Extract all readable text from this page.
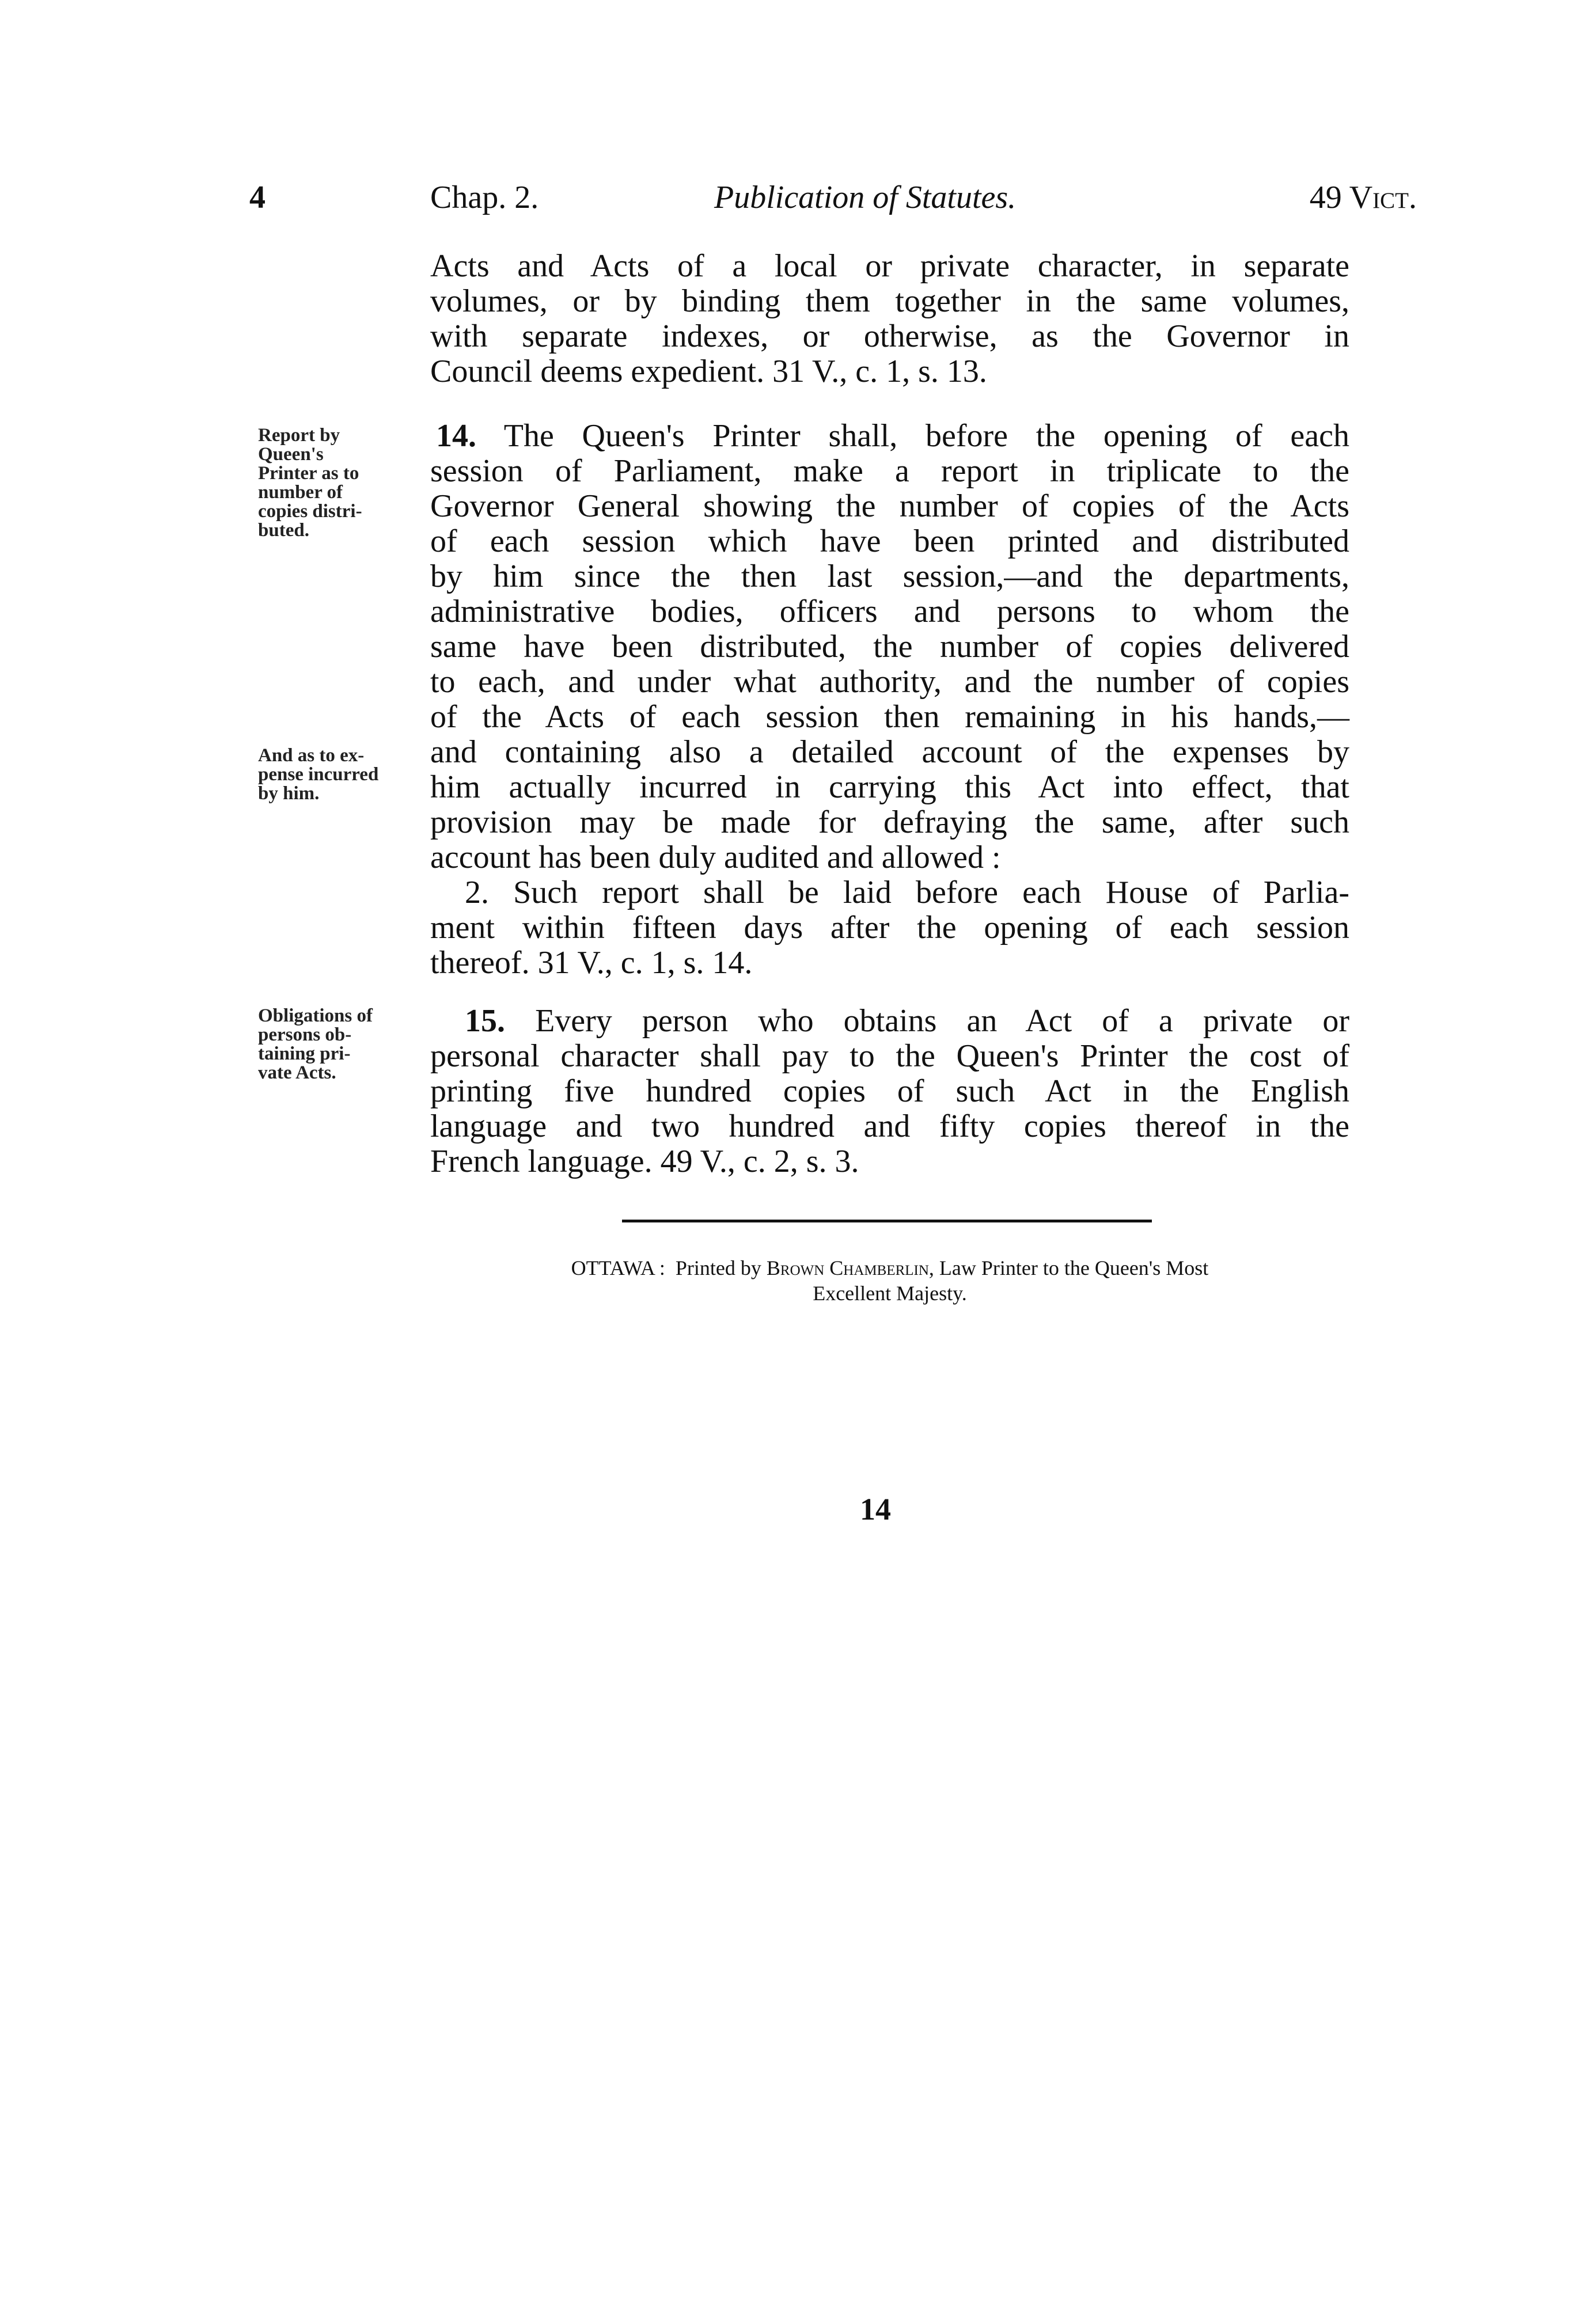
4	Chap. 2.	Publication of Statutes.	49 Vict.
Acts and Acts of a local or private character, in separate
volumes, or by binding them together in the same volumes,
with separate indexes, or otherwise, as the Governor in
Council deems expedient. 31 V., c. 1, s. 13.
14. The Queen's Printer shall, before the opening of each
session of Parliament, make a report in triplicate to the
Governor General showing the number of copies of the Acts
of each session which have been printed and distributed
by him since the then last session,—and the departments,
administrative bodies, officers and persons to whom the
same have been distributed, the number of copies delivered
to each, and under what authority, and the number of copies
of the Acts of each session then remaining in his hands,—
and containing also a detailed account of the expenses by
him actually incurred in carrying this Act into effect, that
provision may be made for defraying the same, after such
account has been duly audited and allowed :
2. Such report shall be laid before each House of Parlia-
ment within fifteen days after the opening of each session
thereof. 31 V., c. 1, s. 14.
15. Every person who obtains an Act of a private or
personal character shall pay to the Queen's Printer the cost of
printing five hundred copies of such Act in the English
language and two hundred and fifty copies thereof in the
French language. 49 V., c. 2, s. 3.
Report by
Queen's
Printer as to
number of
copies distri-
buted.
And as to ex-
pense incurred
by him.
Obligations of
persons ob-
taining pri-
vate Acts.
OTTAWA : Printed by Brown Chamberlin, Law Printer to the Queen's Most
Excellent Majesty.
14
